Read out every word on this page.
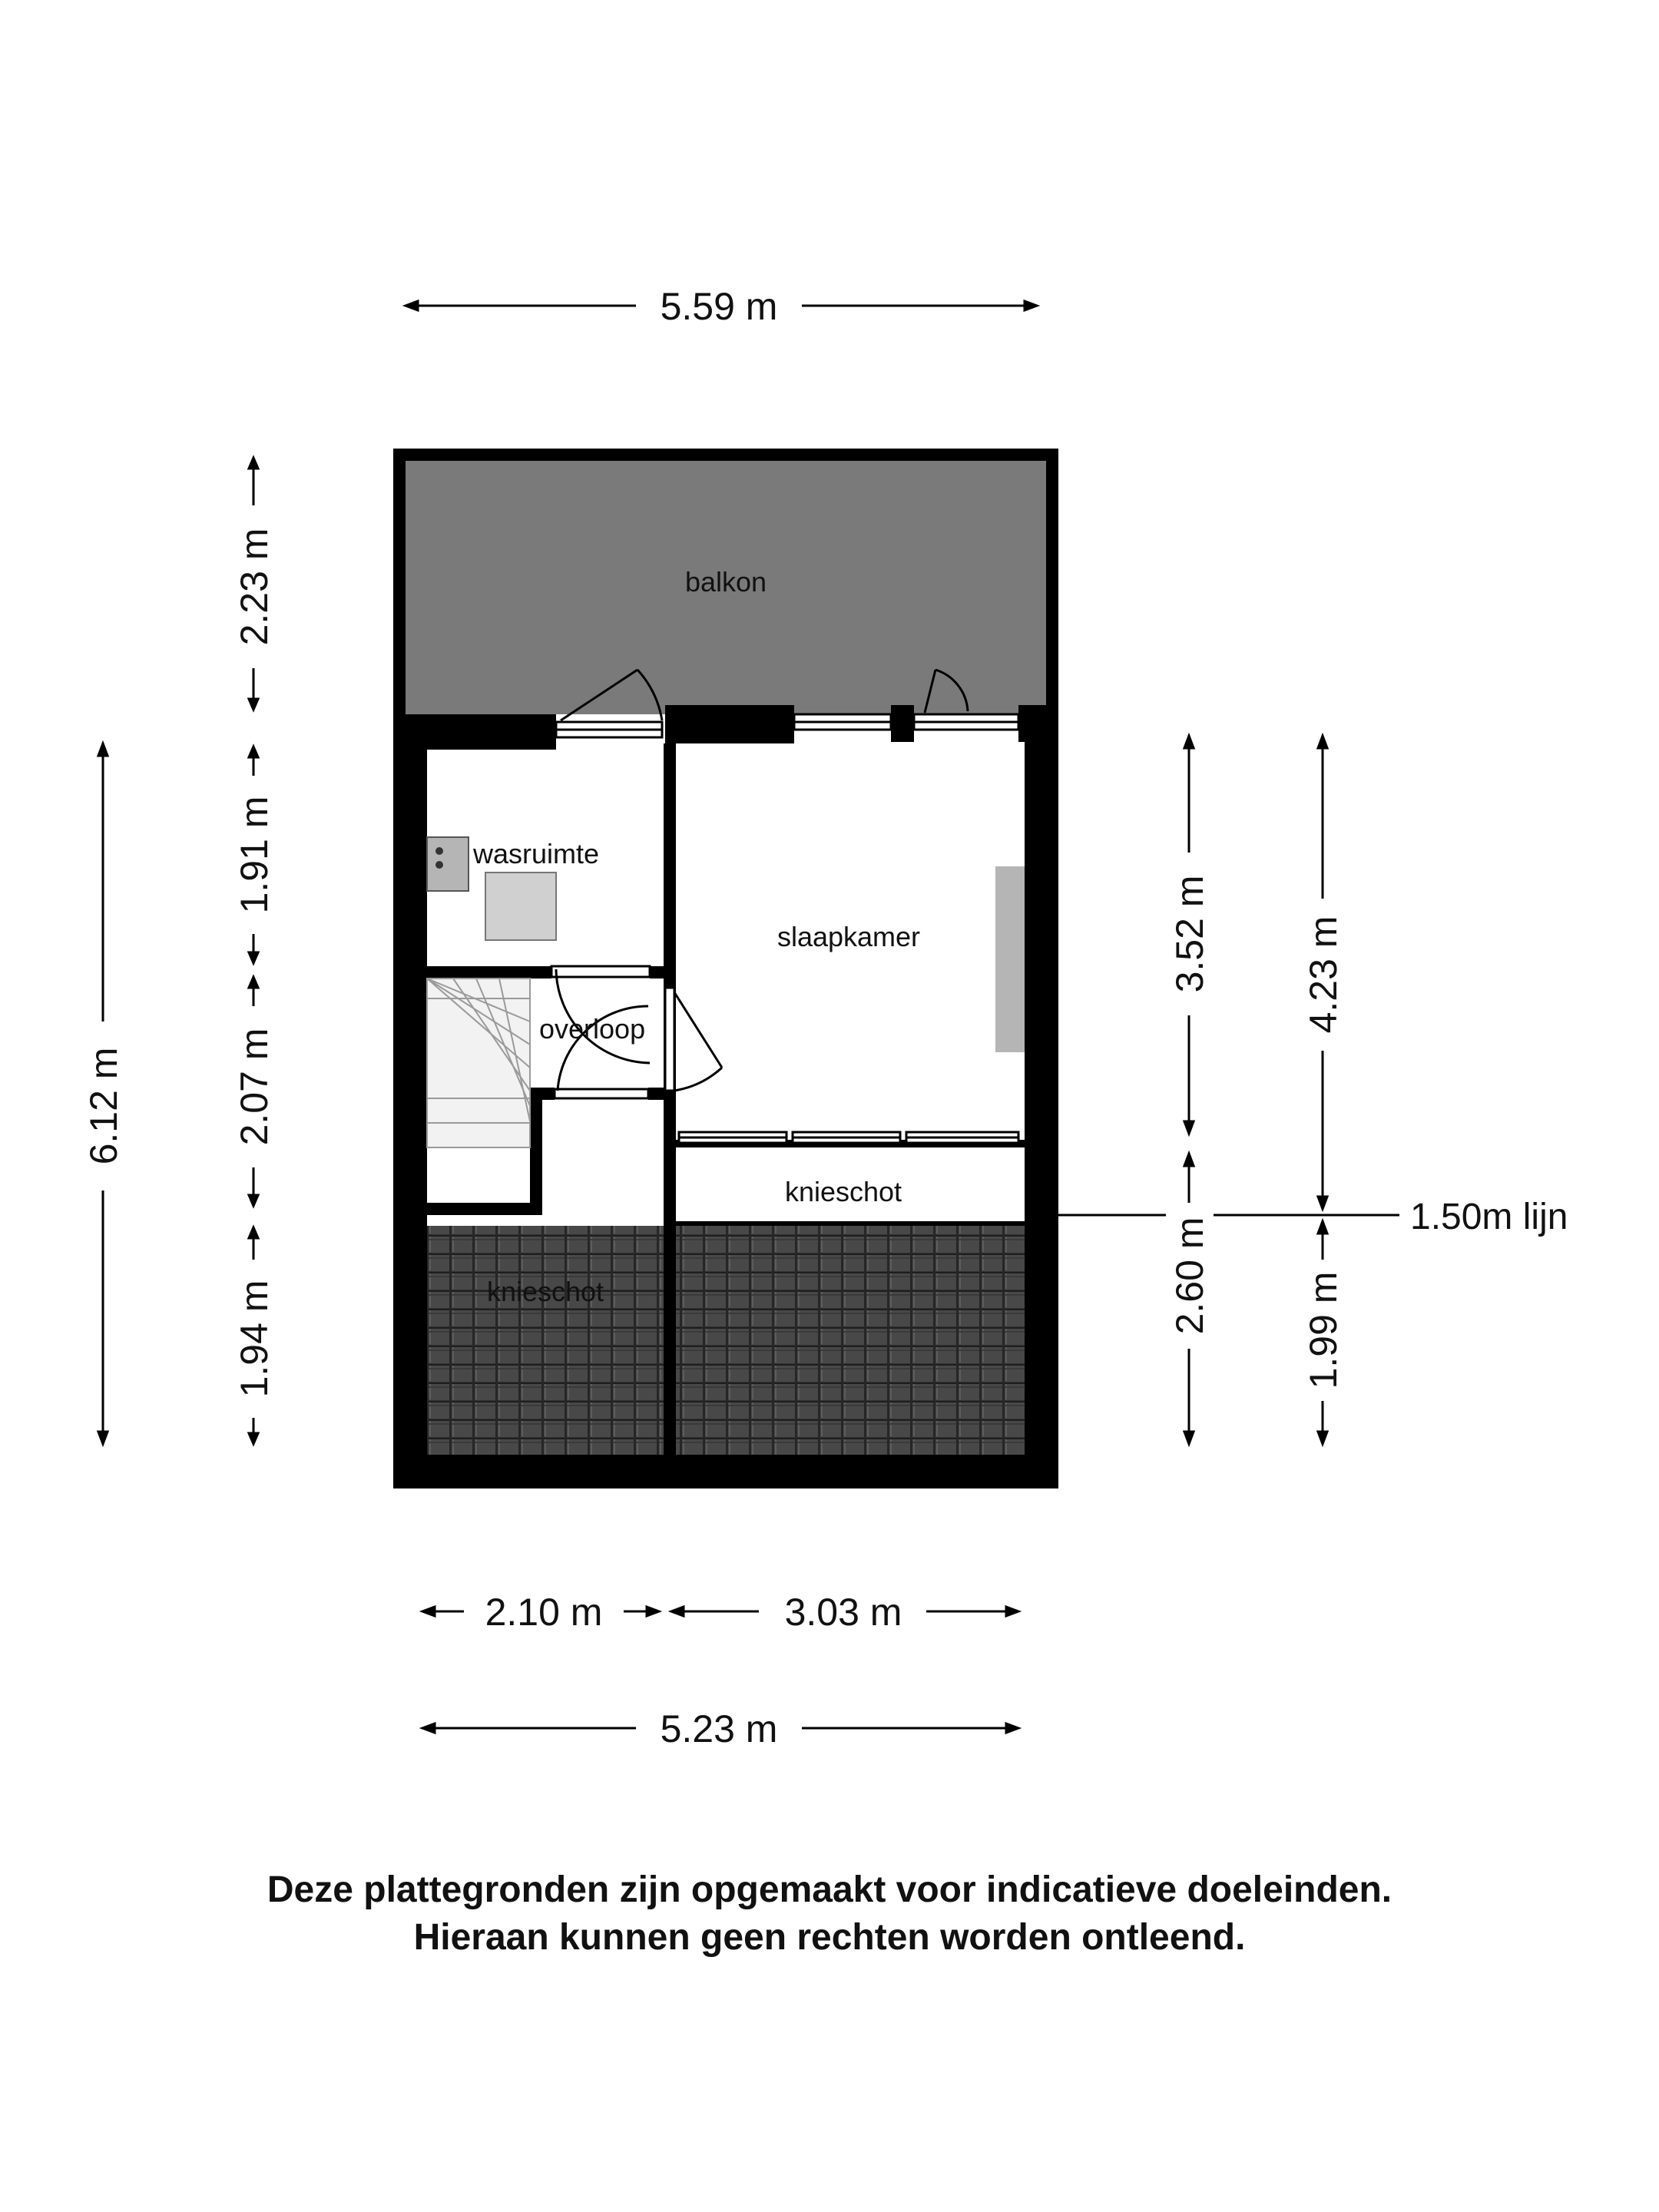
balkon
wasruimte
slaapkamer
overloop
knieschot
knieschot
5.59 m
6.12 m
2.23 m
1.91 m
2.07 m
1.94 m
3.52 m
2.60 m
4.23 m
1.99 m
1.50m lijn
2.10 m	3.03 m
5.23 m
Deze plattegronden zijn opgemaakt voor indicatieve doeleinden.
Hieraan kunnen geen rechten worden ontleend.
